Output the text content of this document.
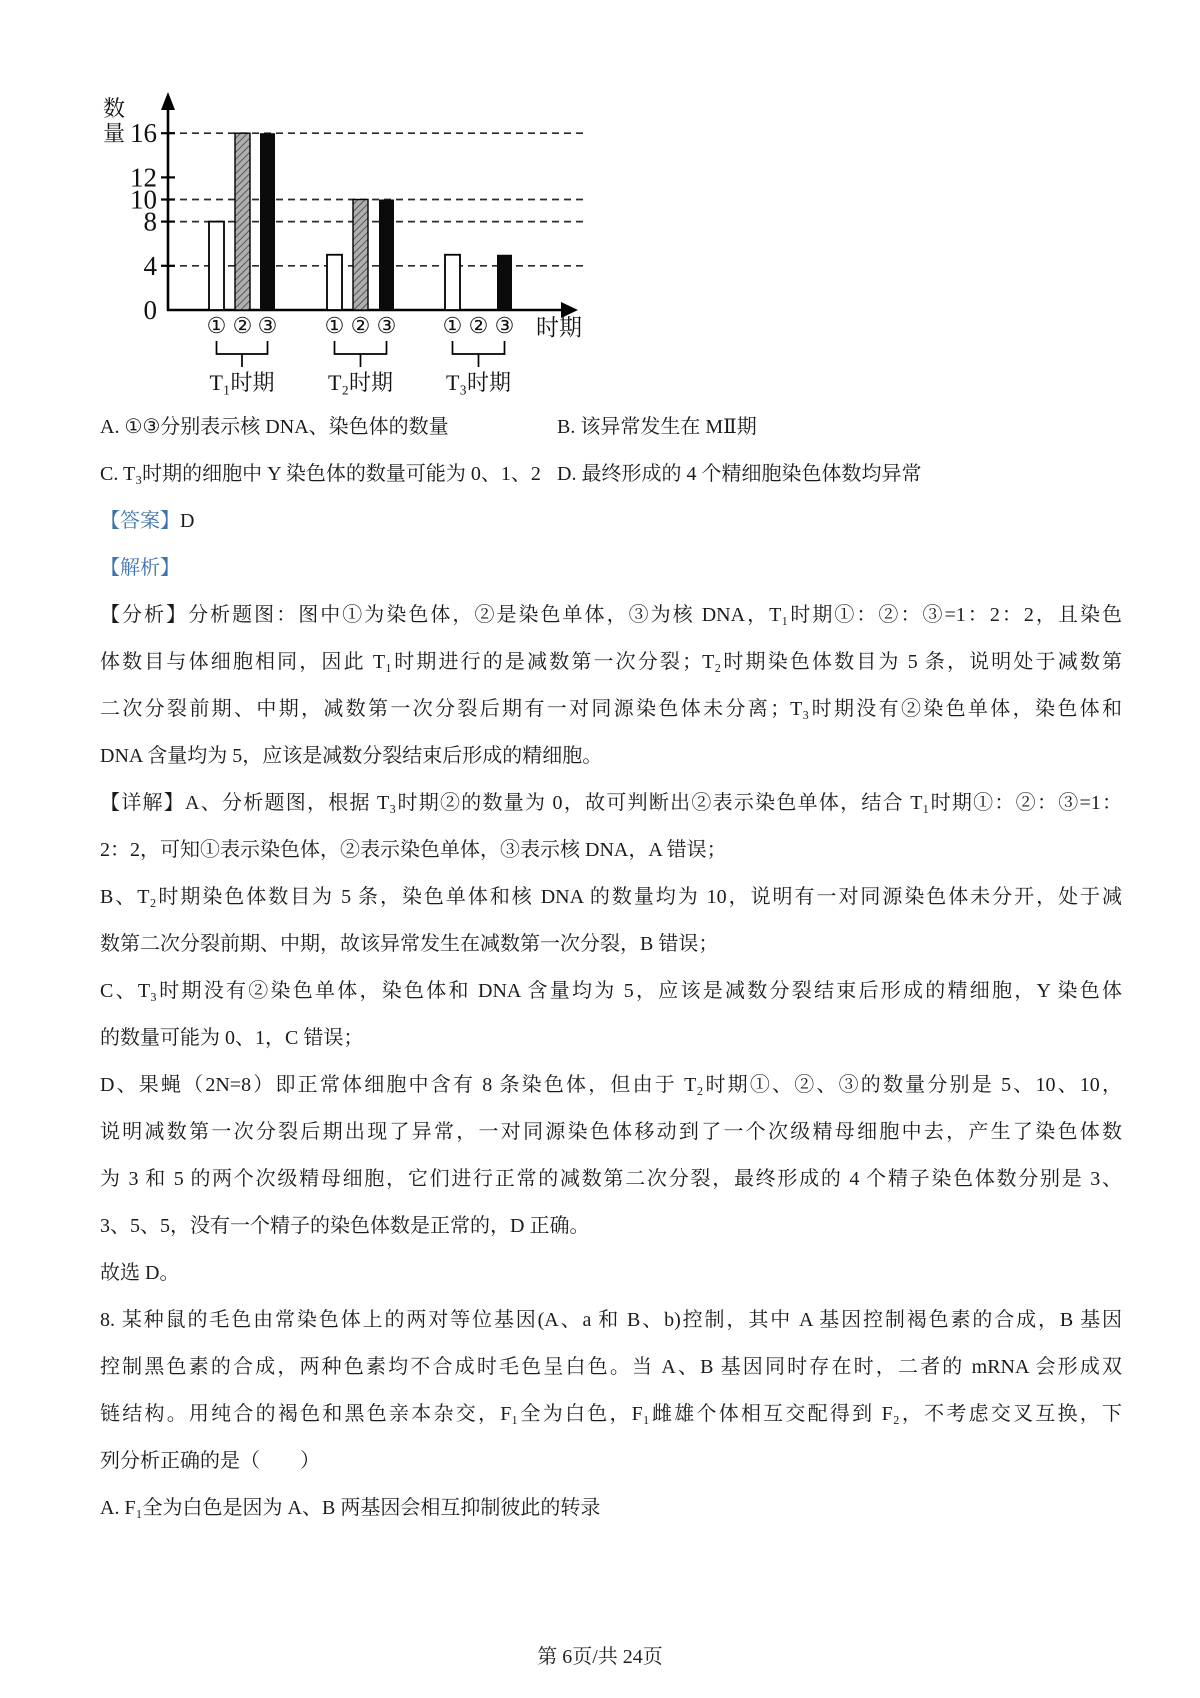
0
4
8
10
12
16
① ② ③
T₁时期
① ② ③
T₂时期
① ② ③
T₃时期
时期
数量
A. ①③分别表示核 DNA、染色体的数量	B. 该异常发生在 MⅡ期
C. T₃时期的细胞中 Y 染色体的数量可能为 0、1、2 D. 最终形成的 4 个精细胞染色体数均异常
【答案】D
【解析】
【分析】分析题图：图中①为染色体，②是染色单体，③为核 DNA，T₁时期①：②：③=1：2：2，且染色
体数目与体细胞相同，因此 T₁时期进行的是减数第一次分裂；T₂时期染色体数目为 5 条，说明处于减数第
二次分裂前期、中期，减数第一次分裂后期有一对同源染色体未分离；T₃时期没有②染色单体，染色体和
DNA 含量均为 5，应该是减数分裂结束后形成的精细胞。
【详解】A、分析题图，根据 T₃时期②的数量为 0，故可判断出②表示染色单体，结合 T₁时期①：②：③=1：
2：2，可知①表示染色体，②表示染色单体，③表示核 DNA，A 错误；
B、T₂时期染色体数目为 5 条，染色单体和核 DNA 的数量均为 10，说明有一对同源染色体未分开，处于减
数第二次分裂前期、中期，故该异常发生在减数第一次分裂，B 错误；
C、T₃时期没有②染色单体，染色体和 DNA 含量均为 5，应该是减数分裂结束后形成的精细胞，Y 染色体
的数量可能为 0、1，C 错误；
D、果蝇（2N=8）即正常体细胞中含有 8 条染色体，但由于 T₂时期①、②、③的数量分别是 5、10、10，
说明减数第一次分裂后期出现了异常，一对同源染色体移动到了一个次级精母细胞中去，产生了染色体数
为 3 和 5 的两个次级精母细胞，它们进行正常的减数第二次分裂，最终形成的 4 个精子染色体数分别是 3、
3、5、5，没有一个精子的染色体数是正常的，D 正确。
故选 D。
8. 某种鼠的毛色由常染色体上的两对等位基因(A、a 和 B、b)控制，其中 A 基因控制褐色素的合成，B 基因
控制黑色素的合成，两种色素均不合成时毛色呈白色。当 A、B 基因同时存在时，二者的 mRNA 会形成双
链结构。用纯合的褐色和黑色亲本杂交，F₁全为白色，F₁雌雄个体相互交配得到 F₂，不考虑交叉互换，下
列分析正确的是（　　）
A. F₁全为白色是因为 A、B 两基因会相互抑制彼此的转录
第 6页/共 24页
